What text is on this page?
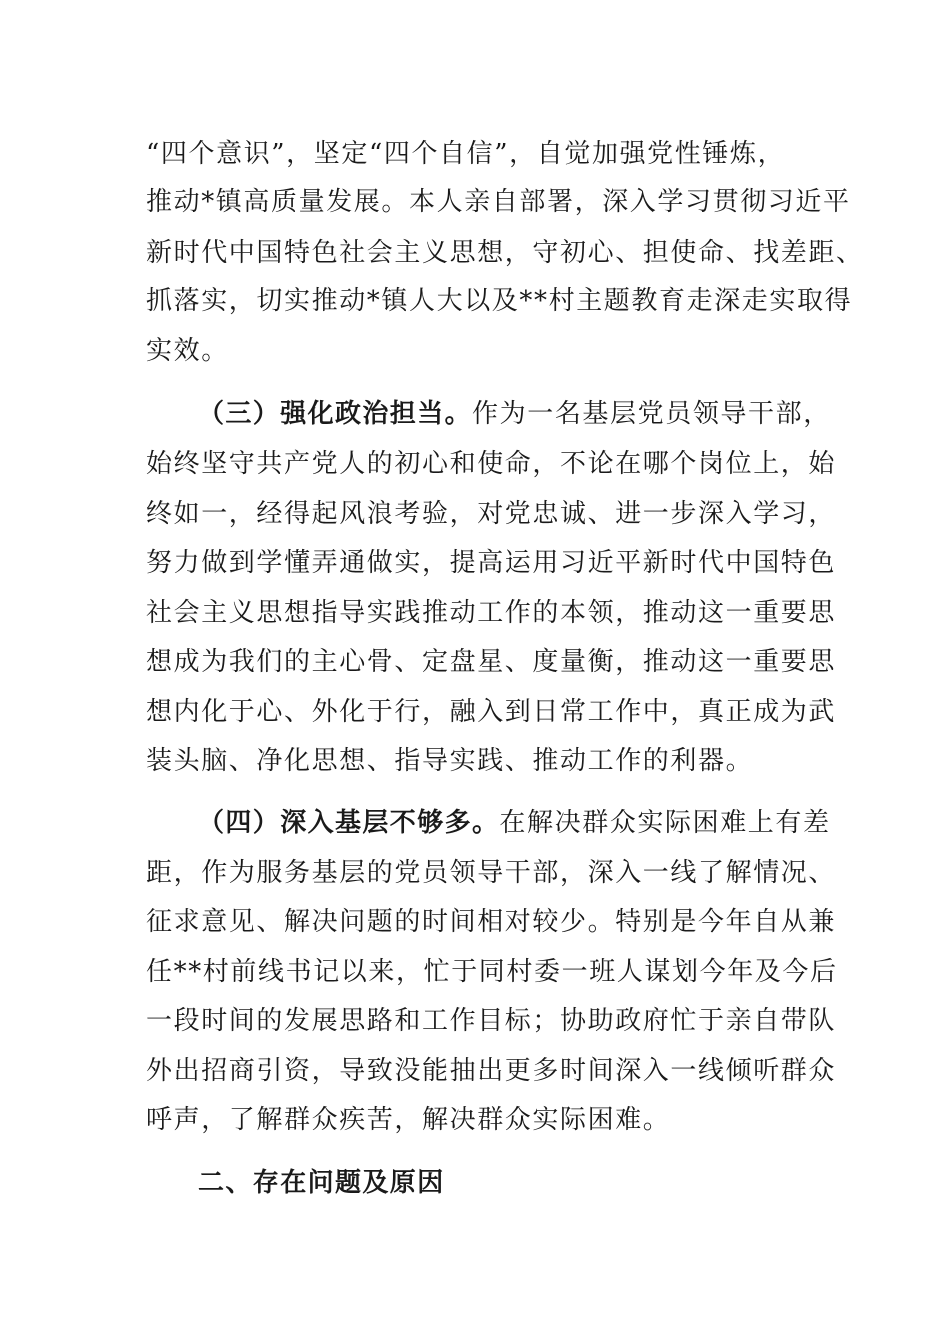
“四个意识”，坚定“四个自信”，自觉加强党性锤炼，
推动*镇高质量发展。本人亲自部署，深入学习贯彻习近平
新时代中国特色社会主义思想，守初心、担使命、找差距、
抓落实，切实推动*镇人大以及**村主题教育走深走实取得
实效。
（三）强化政治担当。作为一名基层党员领导干部，
始终坚守共产党人的初心和使命，不论在哪个岗位上，始
终如一，经得起风浪考验，对党忠诚、进一步深入学习，
努力做到学懂弄通做实，提高运用习近平新时代中国特色
社会主义思想指导实践推动工作的本领，推动这一重要思
想成为我们的主心骨、定盘星、度量衡，推动这一重要思
想内化于心、外化于行，融入到日常工作中，真正成为武
装头脑、净化思想、指导实践、推动工作的利器。
（四）深入基层不够多。在解决群众实际困难上有差
距，作为服务基层的党员领导干部，深入一线了解情况、
征求意见、解决问题的时间相对较少。特别是今年自从兼
任**村前线书记以来，忙于同村委一班人谋划今年及今后
一段时间的发展思路和工作目标；协助政府忙于亲自带队
外出招商引资，导致没能抽出更多时间深入一线倾听群众
呼声，了解群众疾苦，解决群众实际困难。
二、存在问题及原因
